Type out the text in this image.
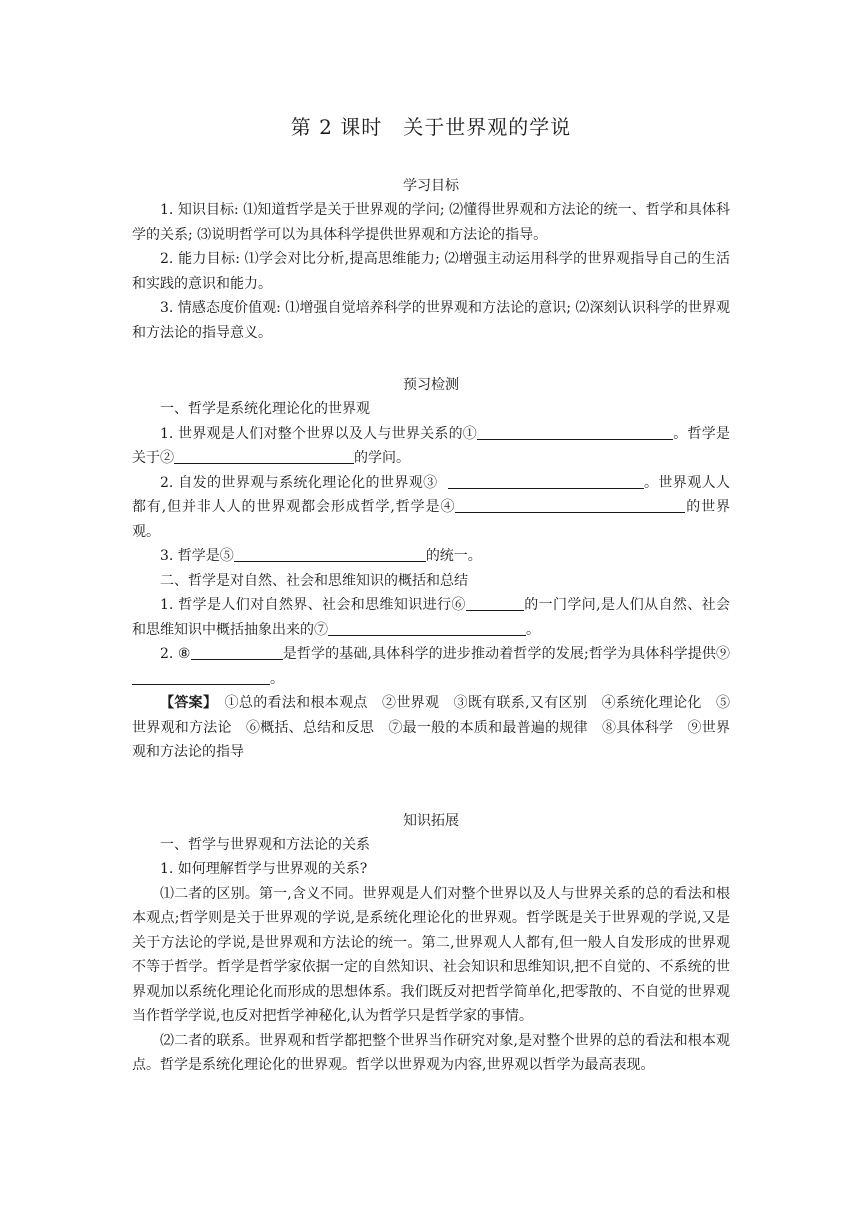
第 2 课时　关于世界观的学说
学习目标

1. 知识目标: ⑴知道哲学是关于世界观的学问; ⑵懂得世界观和方法论的统一、哲学和具体科学的关系; ⑶说明哲学可以为具体科学提供世界观和方法论的指导。

2. 能力目标: ⑴学会对比分析,提高思维能力; ⑵增强主动运用科学的世界观指导自己的生活和实践的意识和能力。

3. 情感态度价值观: ⑴增强自觉培养科学的世界观和方法论的意识; ⑵深刻认识科学的世界观和方法论的指导意义。

预习检测

一、哲学是系统化理论化的世界观

1. 世界观是人们对整个世界以及人与世界关系的①	。哲学是关于②	的学问。

2. 自发的世界观与系统化理论化的世界观③	。世界观人人都有,但并非人人的世界观都会形成哲学,哲学是④	的世界观。

3. 哲学是⑤	的统一。

二、哲学是对自然、社会和思维知识的概括和总结

1. 哲学是人们对自然界、社会和思维知识进行⑥	的一门学问,是人们从自然、社会和思维知识中概括抽象出来的⑦	。

2. ⑧	是哲学的基础,具体科学的进步推动着哲学的发展;哲学为具体科学提供⑨。

【答案】　①总的看法和根本观点　②世界观　③既有联系,又有区别　④系统化理论化　⑤世界观和方法论　⑥概括、总结和反思　⑦最一般的本质和最普遍的规律　⑧具体科学　⑨世界观和方法论的指导

知识拓展

一、哲学与世界观和方法论的关系

1. 如何理解哲学与世界观的关系?

⑴二者的区别。第一,含义不同。世界观是人们对整个世界以及人与世界关系的总的看法和根本观点;哲学则是关于世界观的学说,是系统化理论化的世界观。哲学既是关于世界观的学说,又是关于方法论的学说,是世界观和方法论的统一。第二,世界观人人都有,但一般人自发形成的世界观不等于哲学。哲学是哲学家依据一定的自然知识、社会知识和思维知识,把不自觉的、不系统的世界观加以系统化理论化而形成的思想体系。我们既反对把哲学简单化,把零散的、不自觉的世界观当作哲学学说,也反对把哲学神秘化,认为哲学只是哲学家的事情。

⑵二者的联系。世界观和哲学都把整个世界当作研究对象,是对整个世界的总的看法和根本观点。哲学是系统化理论化的世界观。哲学以世界观为内容,世界观以哲学为最高表现。
